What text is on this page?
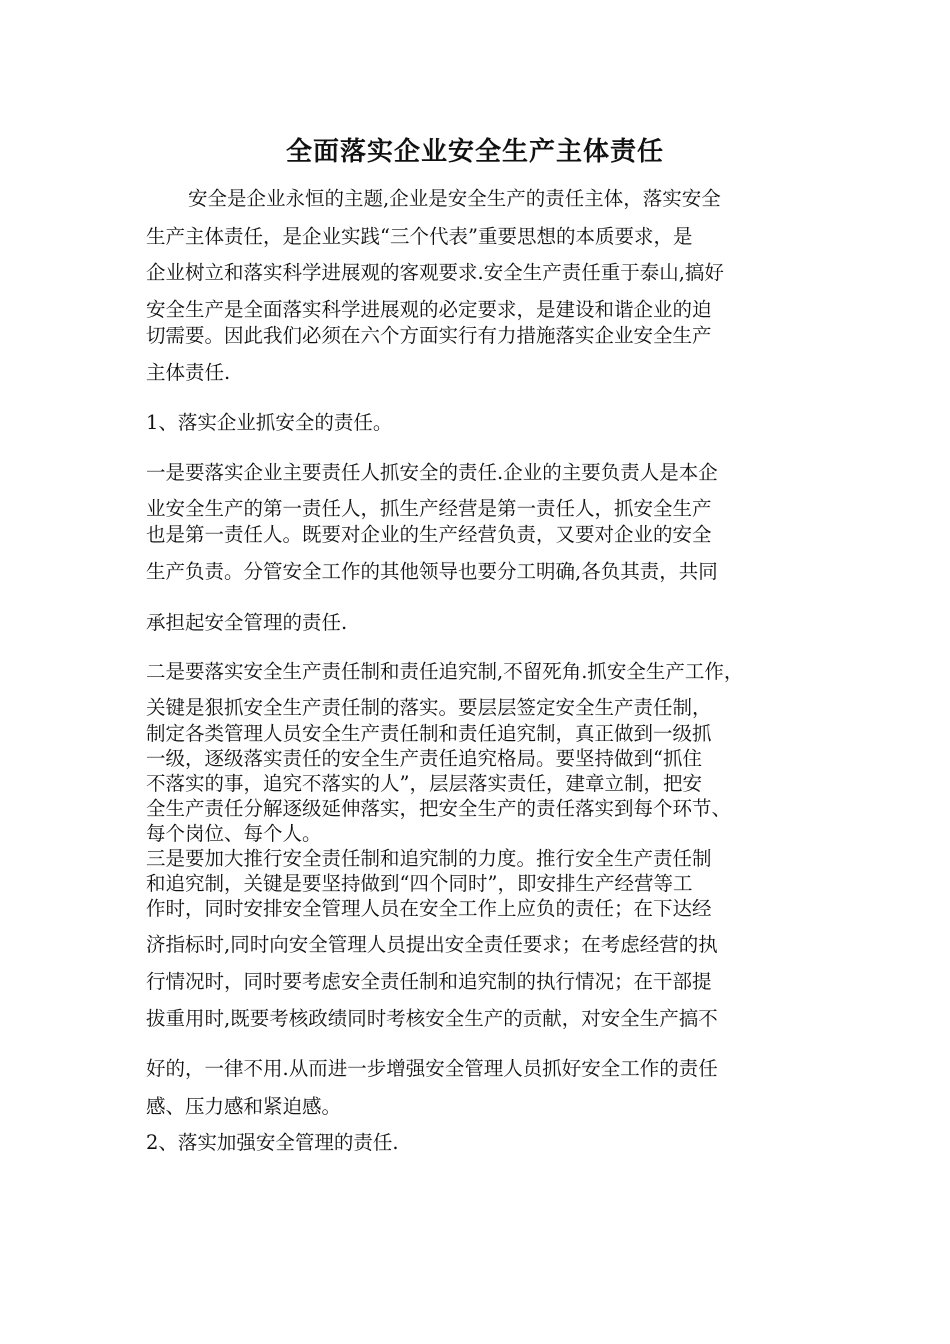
全面落实企业安全生产主体责任

安全是企业永恒的主题,企业是安全生产的责任主体，落实安全

生产主体责任，是企业实践“三个代表”重要思想的本质要求，是

企业树立和落实科学进展观的客观要求.安全生产责任重于泰山,搞好

安全生产是全面落实科学进展观的必定要求，是建设和谐企业的迫

切需要。因此我们必须在六个方面实行有力措施落实企业安全生产

主体责任.

1、落实企业抓安全的责任。

一是要落实企业主要责任人抓安全的责任.企业的主要负责人是本企

业安全生产的第一责任人，抓生产经营是第一责任人，抓安全生产

也是第一责任人。既要对企业的生产经营负责，又要对企业的安全

生产负责。分管安全工作的其他领导也要分工明确,各负其责，共同

承担起安全管理的责任.

二是要落实安全生产责任制和责任追究制,不留死角.抓安全生产工作，

关键是狠抓安全生产责任制的落实。要层层签定安全生产责任制，

制定各类管理人员安全生产责任制和责任追究制，真正做到一级抓

一级，逐级落实责任的安全生产责任追究格局。要坚持做到“抓住

不落实的事，追究不落实的人”，层层落实责任，建章立制，把安

全生产责任分解逐级延伸落实，把安全生产的责任落实到每个环节、

每个岗位、每个人。

三是要加大推行安全责任制和追究制的力度。推行安全生产责任制

和追究制，关键是要坚持做到“四个同时”，即安排生产经营等工

作时，同时安排安全管理人员在安全工作上应负的责任；在下达经

济指标时,同时向安全管理人员提出安全责任要求；在考虑经营的执

行情况时，同时要考虑安全责任制和追究制的执行情况；在干部提

拔重用时,既要考核政绩同时考核安全生产的贡献，对安全生产搞不

好的，一律不用.从而进一步增强安全管理人员抓好安全工作的责任

感、压力感和紧迫感。

2、落实加强安全管理的责任.
